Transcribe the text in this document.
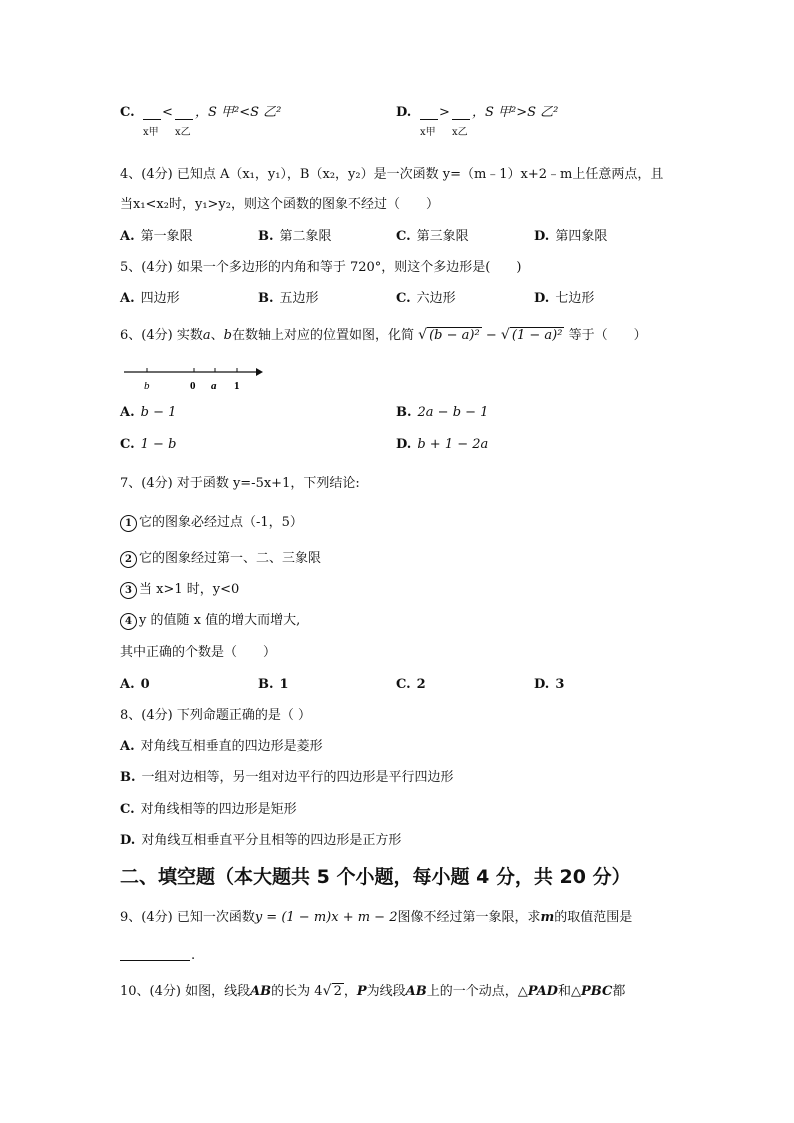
C.
x甲
<
x乙
，S 甲²<S 乙²	D.
x甲
>
x乙
，S 甲²>S 乙²
4、(4分) 已知点 A（x₁，y₁），B（x₂，y₂）是一次函数 y=（m﹣1）x+2﹣m上任意两点，且
当x₁<x₂时，y₁>y₂，则这个函数的图象不经过（　　）
A. 第一象限	B. 第二象限	C. 第三象限	D. 第四象限
5、(4分) 如果一个多边形的内角和等于 720°，则这个多边形是(　　)
A. 四边形	B. 五边形	C. 六边形	D. 七边形
6、(4分) 实数a、b在数轴上对应的位置如图，化简 √ (b − a)² − √ (1 − a)² 等于（　　）
b	0 a 1
A. b − 1	B. 2a − b − 1
C. 1 − b	D. b + 1 − 2a
7、(4分) 对于函数 y=-5x+1，下列结论:
1 它的图象必经过点（-1，5）
2 它的图象经过第一、二、三象限
3 当 x>1 时，y<0
4 y 的值随 x 值的增大而增大,
其中正确的个数是（　　）
A. 0	B. 1	C. 2	D. 3
8、(4分) 下列命题正确的是（ ）
A. 对角线互相垂直的四边形是菱形
B. 一组对边相等，另一组对边平行的四边形是平行四边形
C. 对角线相等的四边形是矩形
D. 对角线互相垂直平分且相等的四边形是正方形
二、填空题（本大题共 5 个小题，每小题 4 分，共 20 分）
9、(4分) 已知一次函数y = (1 − m)x + m − 2图像不经过第一象限，求m的取值范围是
.
10、(4分) 如图，线段AB的长为 4 √ 2 ，P为线段AB上的一个动点，△PAD和△PBC都
